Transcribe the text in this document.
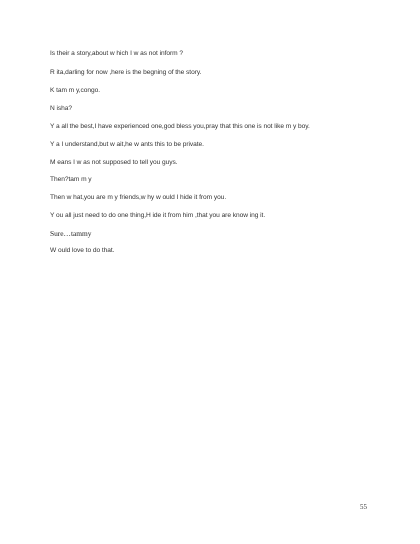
Is their a story,about w hich I w as not inform ?
R ita,darling for now ,here is the begning of the story.
K tam m y,congo.
N isha?
Y a all the best,I have experienced one,god bless you,pray that this one is not like m y boy.
Y a I understand,but w ait,he w ants this to be private.
M eans I w as not supposed to tell you guys.
Then?tam m y
Then w hat,you are m y friends,w hy w ould I hide it from you.
Y ou all just need to do one thing,H ide it from him ,that you are know ing it.
Sure…tammy
W ould love to do that.
55
